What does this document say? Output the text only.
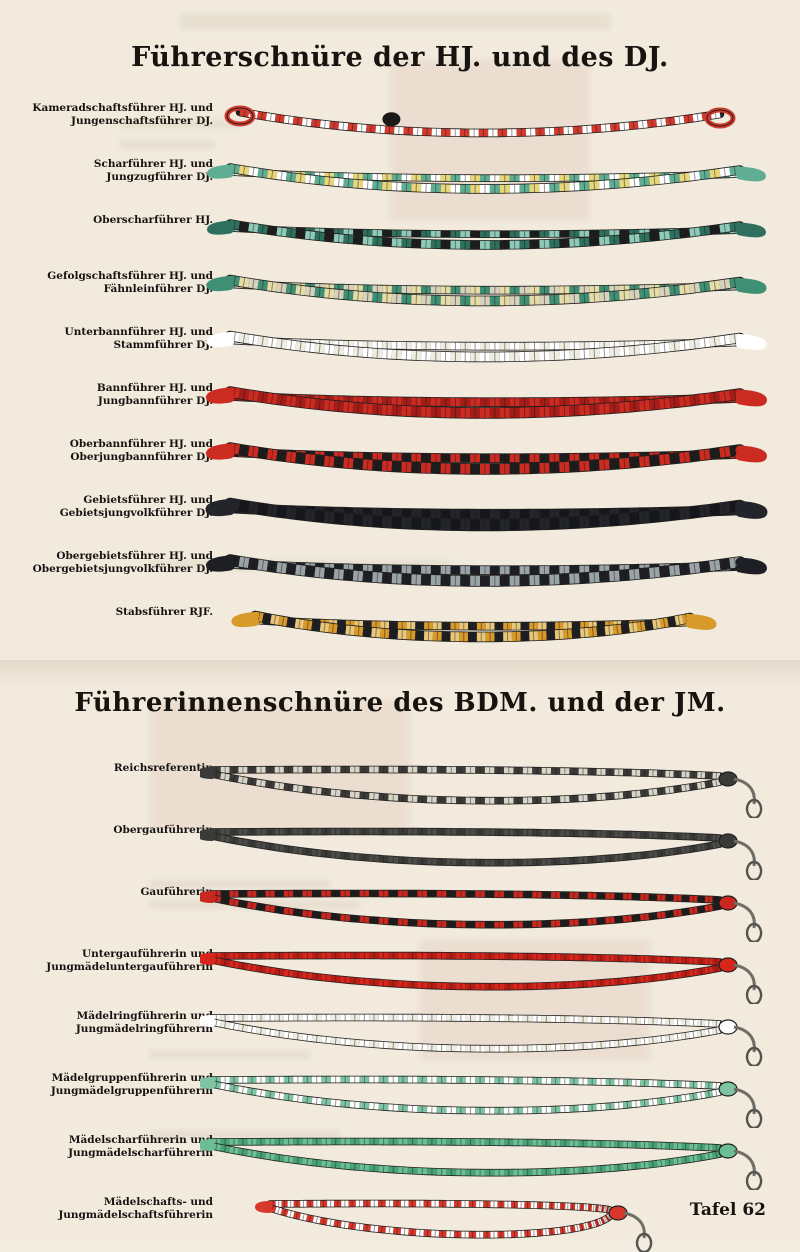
Führerschnüre der HJ. und des DJ.
Kameradschaftsführer HJ. und
Jungenschaftsführer DJ.
Scharführer HJ. und
Jungzugführer DJ.
Oberscharführer HJ.
Gefolgschaftsführer HJ. und
Fähnleinführer DJ.
Unterbannführer HJ. und
Stammführer DJ.
Bannführer HJ. und
Jungbannführer DJ.
Oberbannführer HJ. und
Oberjungbannführer DJ.
Gebietsführer HJ. und
Gebietsjungvolkführer DJ.
Obergebietsführer HJ. und
Obergebietsjungvolkführer DJ.
Stabsführer RJF.
Führerinnenschnüre des BDM. und der JM.
Reichsreferentin
Obergauführerin
Gauführerin
Untergauführerin und
Jungmädeluntergauführerin
Mädelringführerin und
Jungmädelringführerin
Mädelgruppenführerin und
Jungmädelgruppenführerin
Mädelscharführerin und
Jungmädelscharführerin
Mädelschafts- und
Jungmädelschaftsführerin	Tafel 62
